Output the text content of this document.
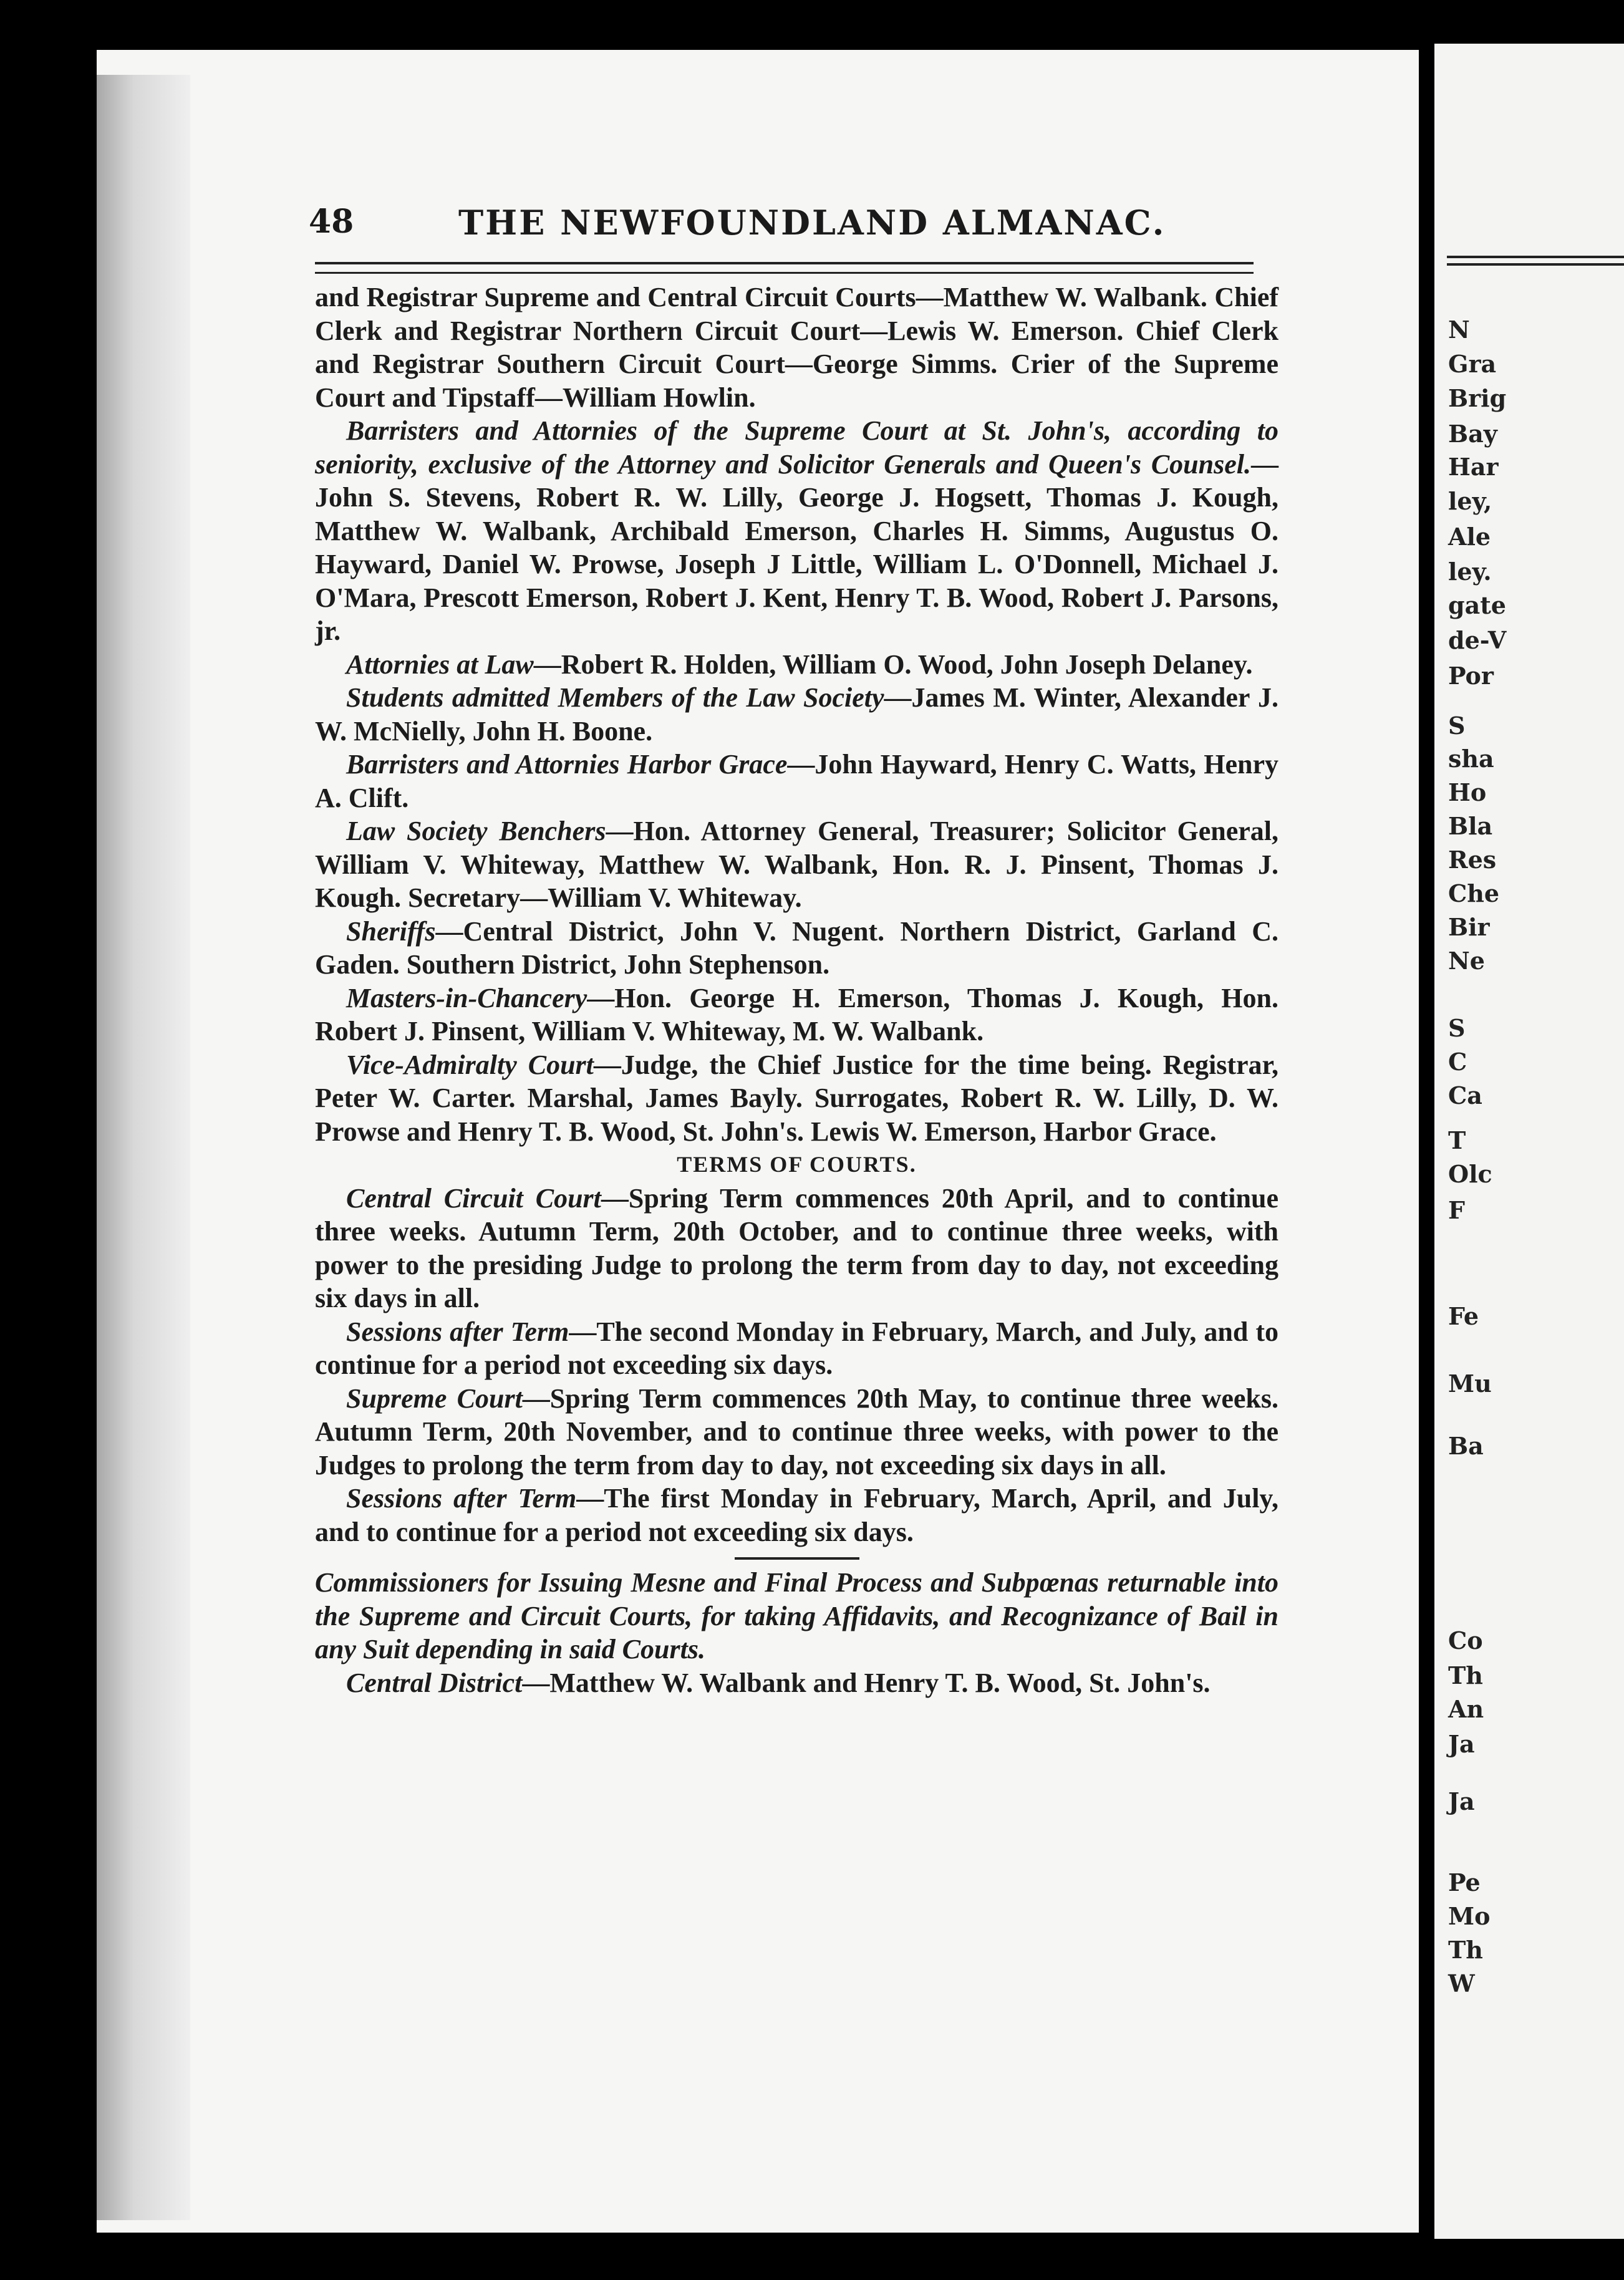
N
Gra
Brig
Bay
Har
ley,
Ale
ley.
gate
de-V
Por
S
sha
Ho
Bla
Res
Che
Bir
Ne
S
C
Ca
T
Olc
F
Fe
Mu
Ba
Co
Th
An
Ja
Ja
Pe
Mo
Th
W
48	THE NEWFOUNDLAND ALMANAC.

and Registrar Supreme and Central Circuit Courts—Matthew W. Walbank. Chief Clerk and Registrar Northern Circuit Court—Lewis W. Emerson. Chief Clerk and Registrar Southern Circuit Court—George Simms. Crier of the Supreme Court and Tipstaff—William Howlin.

Barristers and Attornies of the Supreme Court at St. John's, according to seniority, exclusive of the Attorney and Solicitor Generals and Queen's Counsel.—John S. Stevens, Robert R. W. Lilly, George J. Hogsett, Thomas J. Kough, Matthew W. Walbank, Archibald Emerson, Charles H. Simms, Augustus O. Hayward, Daniel W. Prowse, Joseph J Little, William L. O'Donnell, Michael J. O'Mara, Prescott Emerson, Robert J. Kent, Henry T. B. Wood, Robert J. Parsons, jr.

Attornies at Law—Robert R. Holden, William O. Wood, John Joseph Delaney.

Students admitted Members of the Law Society—James M. Winter, Alexander J. W. McNielly, John H. Boone.

Barristers and Attornies Harbor Grace—John Hayward, Henry C. Watts, Henry A. Clift.

Law Society Benchers—Hon. Attorney General, Treasurer; Solicitor General, William V. Whiteway, Matthew W. Walbank, Hon. R. J. Pinsent, Thomas J. Kough. Secretary—William V. Whiteway.

Sheriffs—Central District, John V. Nugent. Northern District, Garland C. Gaden. Southern District, John Stephenson.

Masters-in-Chancery—Hon. George H. Emerson, Thomas J. Kough, Hon. Robert J. Pinsent, William V. Whiteway, M. W. Walbank.

Vice-Admiralty Court—Judge, the Chief Justice for the time being. Registrar, Peter W. Carter. Marshal, James Bayly. Surrogates, Robert R. W. Lilly, D. W. Prowse and Henry T. B. Wood, St. John's. Lewis W. Emerson, Harbor Grace.

TERMS OF COURTS.

Central Circuit Court—Spring Term commences 20th April, and to continue three weeks. Autumn Term, 20th October, and to continue three weeks, with power to the presiding Judge to prolong the term from day to day, not exceeding six days in all.

Sessions after Term—The second Monday in February, March, and July, and to continue for a period not exceeding six days.

Supreme Court—Spring Term commences 20th May, to continue three weeks. Autumn Term, 20th November, and to continue three weeks, with power to the Judges to prolong the term from day to day, not exceeding six days in all.

Sessions after Term—The first Monday in February, March, April, and July, and to continue for a period not exceeding six days.

Commissioners for Issuing Mesne and Final Process and Subpœnas returnable into the Supreme and Circuit Courts, for taking Affidavits, and Recognizance of Bail in any Suit depending in said Courts.

Central District—Matthew W. Walbank and Henry T. B. Wood, St. John's.
